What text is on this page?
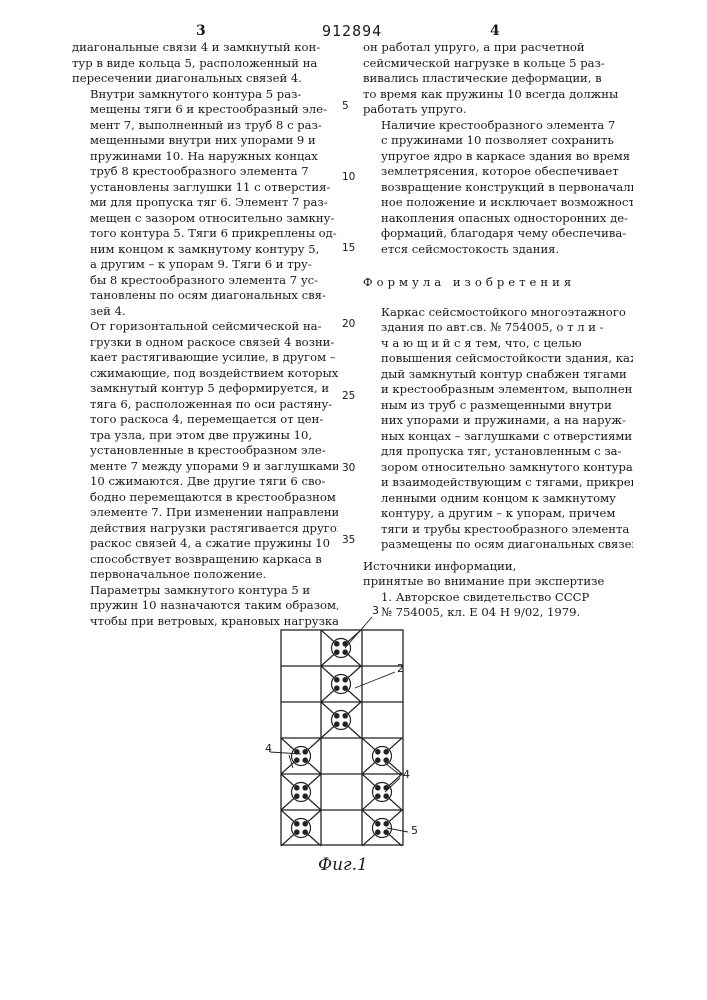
3	912894	4
5
10
15
20
25
30
35

диагональные связи 4 и замкнутый кон-
тур в виде кольца 5, расположенный на
пересечении диагональных связей 4.

Внутри замкнутого контура 5 раз-
мещены тяги 6 и крестообразный эле-
мент 7, выполненный из труб 8 с раз-
мещенными внутри них упорами 9 и
пружинами 10. На наружных концах
труб 8 крестообразного элемента 7
установлены заглушки 11 с отверстия-
ми для пропуска тяг 6. Элемент 7 раз-
мещен с зазором относительно замкну-
того контура 5. Тяги 6 прикреплены од-
ним концом к замкнутому контуру 5,
а другим – к упорам 9. Тяги 6 и тру-
бы 8 крестообразного элемента 7 ус-
тановлены по осям диагональных свя-
зей 4.

От горизонтальной сейсмической на-
грузки в одном раскосе связей 4 возни-
кает растягивающие усилие, в другом –
сжимающие, под воздействием которых
замкнутый контур 5 деформируется, и
тяга 6, расположенная по оси растяну-
того раскоса 4, перемещается от цен-
тра узла, при этом две пружины 10,
установленные в крестообразном эле-
менте 7 между упорами 9 и заглушками
10 сжимаются. Две другие тяги 6 сво-
бодно перемещаются в крестообразном
элементе 7. При изменении направления
действия нагрузки растягивается другой
раскос связей 4, а сжатие пружины 10
способствует возвращению каркаса в
первоначальное положение.

Параметры замкнутого контура 5 и
пружин 10 назначаются таким образом,
чтобы при ветровых, крановых нагрузках

он работал упруго, а при расчетной
сейсмической нагрузке в кольце 5 раз-
вивались пластические деформации, в
то время как пружины 10 всегда должны
работать упруго.

Наличие крестообразного элемента 7
с пружинами 10 позволяет сохранить
упругое ядро в каркасе здания во время
землетрясения, которое обеспечивает
возвращение конструкций в первоначаль-
ное положение и исключает возможность
накопления опасных односторонних де-
формаций, благодаря чему обеспечива-
ется сейсмостокость здания.

Формула изобретения

Каркас сейсмостойкого многоэтажного
здания по авт.св. № 754005, о т л и -
ч а ю щ и й с я тем, что, с целью
повышения сейсмостойкости здания, каж-
дый замкнутый контур снабжен тягами
и крестообразным элементом, выполнен-
ным из труб с размещенными внутри
них упорами и пружинами, а на наруж-
ных концах – заглушками с отверстиями
для пропуска тяг, установленным с за-
зором относительно замкнутого контура
и взаимодействующим с тягами, прикреп-
ленными одним концом к замкнутому
контуру, а другим – к упорам, причем
тяги и трубы крестообразного элемента
размещены по осям диагональных связей.

Источники информации,
принятые во внимание при экспертизе

1. Авторское свидетельство СССР
№ 754005, кл. Е 04 Н 9/02, 1979.

3
2
4
4
5
Фиг.1
